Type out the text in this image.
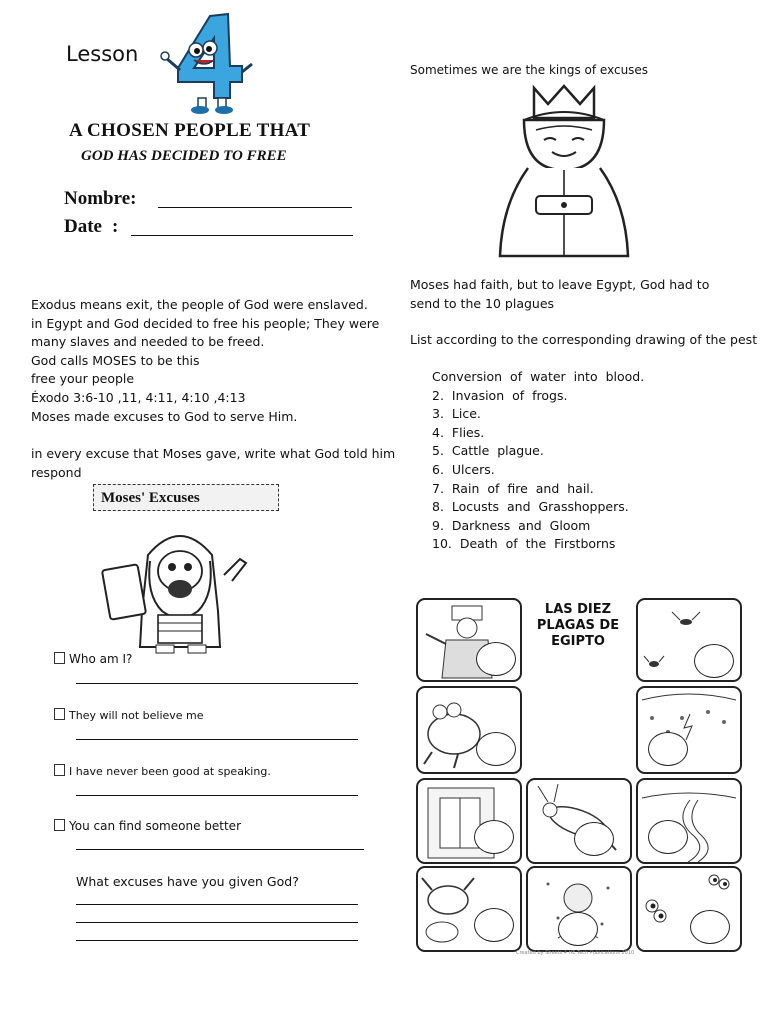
Lesson
A CHOSEN PEOPLE THAT
GOD HAS DECIDED TO FREE
Nombre:
Date :
Exodus means exit, the people of God were enslaved.
in Egypt and God decided to free his people; They were
many slaves and needed to be freed.
God calls MOSES to be this
free your people
Éxodo 3:6-10 ,11, 4:11, 4:10 ,4:13
Moses made excuses to God to serve Him.
in every excuse that Moses gave, write what God told him
respond
Moses' Excuses
Who am I?
They will not believe me
I have never been good at speaking.
You can find someone better
What excuses have you given God?
Sometimes we are the kings of excuses
Moses had faith, but to leave Egypt, God had to
send to the 10 plagues
List according to the corresponding drawing of the pest
Conversion of water into blood.
2. Invasion of frogs.
3. Lice.
4. Flies.
5. Cattle plague.
6. Ulcers.
7. Rain of fire and hail.
8. Locusts and Grasshoppers.
9. Darkness and Gloom
10. Death of the Firstborns
LAS DIEZ
PLAGAS DE
EGIPTO
Created by Sheets 4 HE Tech Publications 2010
